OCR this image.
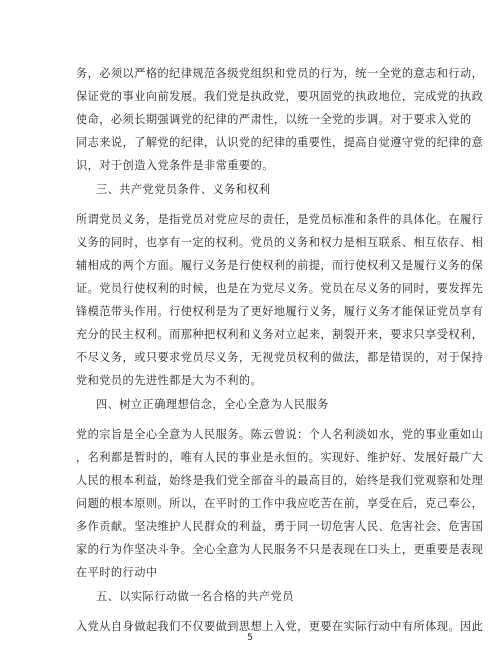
务，必须以严格的纪律规范各级党组织和党员的行为，统一全党的意志和行动，
保证党的事业向前发展。我们党是执政党，要巩固党的执政地位，完成党的执政
使命，必须长期强调党的纪律的严肃性，以统一全党的步调。对于要求入党的
同志来说，了解党的纪律，认识党的纪律的重要性，提高自觉遵守党的纪律的意
识，对于创造入党条件是非常重要的。
三、共产党党员条件、义务和权利
所谓党员义务，是指党员对党应尽的责任，是党员标准和条件的具体化。在履行
义务的同时，也享有一定的权利。党员的义务和权力是相互联系、相互依存、相
辅相成的两个方面。履行义务是行使权利的前提，而行使权利又是履行义务的保
证。党员行使权利的时候，也是在为党尽义务。党员在尽义务的同时，要发挥先
锋模范带头作用。行使权利是为了更好地履行义务，履行义务才能保证党员享有
充分的民主权利。而那种把权利和义务对立起来，割裂开来，要求只享受权利，
不尽义务，或只要求党员尽义务，无视党员权利的做法，都是错误的，对于保持
党和党员的先进性都是大为不利的。
四、树立正确理想信念，全心全意为人民服务
党的宗旨是全心全意为人民服务。陈云曾说：个人名利淡如水，党的事业重如山
，名利都是暂时的，唯有人民的事业是永恒的。实现好、维护好、发展好最广大
人民的根本利益，始终是我们党全部奋斗的最高目的，始终是我们党观察和处理
问题的根本原则。所以，在平时的工作中我应吃苦在前，享受在后，克己奉公，
多作贡献。坚决维护人民群众的利益，勇于同一切危害人民、危害社会、危害国
家的行为作坚决斗争。全心全意为人民服务不只是表现在口头上，更重要是表现
在平时的行动中
五、以实际行动做一名合格的共产党员
入党从自身做起我们不仅要做到思想上入党，更要在实际行动中有所体现。因此
5
